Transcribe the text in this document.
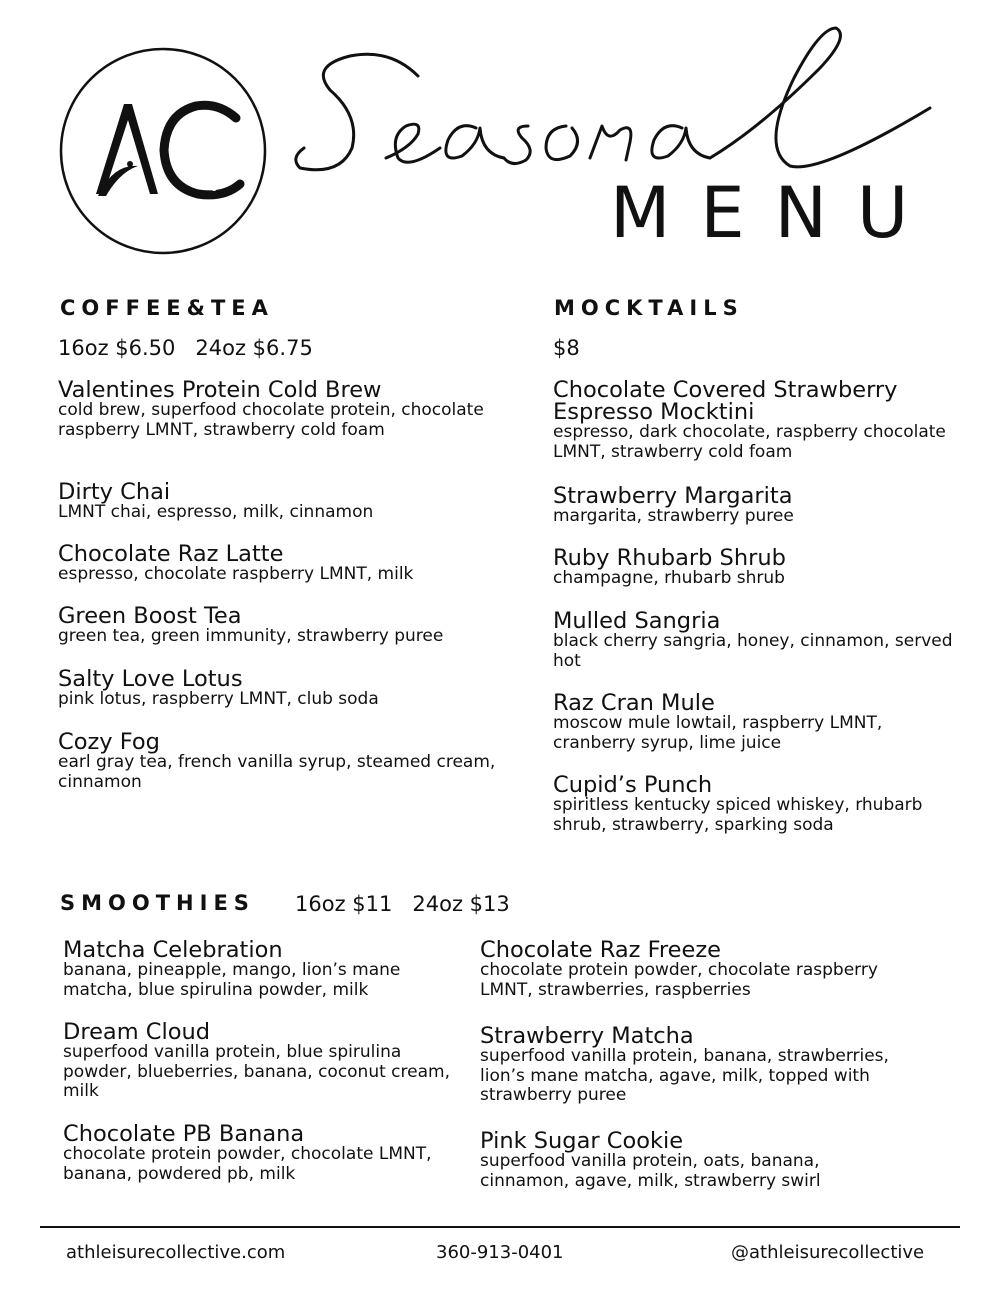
MENU
COFFEE&TEA
16oz $6.50   24oz $6.75
Valentines Protein Cold Brew
cold brew, superfood chocolate protein, chocolate raspberry LMNT, strawberry cold foam
Dirty Chai
LMNT chai, espresso, milk, cinnamon
Chocolate Raz Latte
espresso, chocolate raspberry LMNT, milk
Green Boost Tea
green tea, green immunity, strawberry puree
Salty Love Lotus
pink lotus, raspberry LMNT, club soda
Cozy Fog
earl gray tea, french vanilla syrup, steamed cream, cinnamon
MOCKTAILS
$8
Chocolate Covered Strawberry Espresso Mocktini
espresso, dark chocolate, raspberry chocolate LMNT, strawberry cold foam
Strawberry Margarita
margarita, strawberry puree
Ruby Rhubarb Shrub
champagne, rhubarb shrub
Mulled Sangria
black cherry sangria, honey, cinnamon, served hot
Raz Cran Mule
moscow mule lowtail, raspberry LMNT, cranberry syrup, lime juice
Cupid’s Punch
spiritless kentucky spiced whiskey, rhubarb shrub, strawberry, sparking soda
SMOOTHIES 16oz $11   24oz $13
Matcha Celebration
banana, pineapple, mango, lion’s mane matcha, blue spirulina powder, milk
Dream Cloud
superfood vanilla protein, blue spirulina powder, blueberries, banana, coconut cream, milk
Chocolate PB Banana
chocolate protein powder, chocolate LMNT, banana, powdered pb, milk
Chocolate Raz Freeze
chocolate protein powder, chocolate raspberry LMNT, strawberries, raspberries
Strawberry Matcha
superfood vanilla protein, banana, strawberries, lion’s mane matcha, agave, milk, topped with strawberry puree
Pink Sugar Cookie
superfood vanilla protein, oats, banana, cinnamon, agave, milk, strawberry swirl
athleisurecollective.com	360-913-0401	@athleisurecollective
